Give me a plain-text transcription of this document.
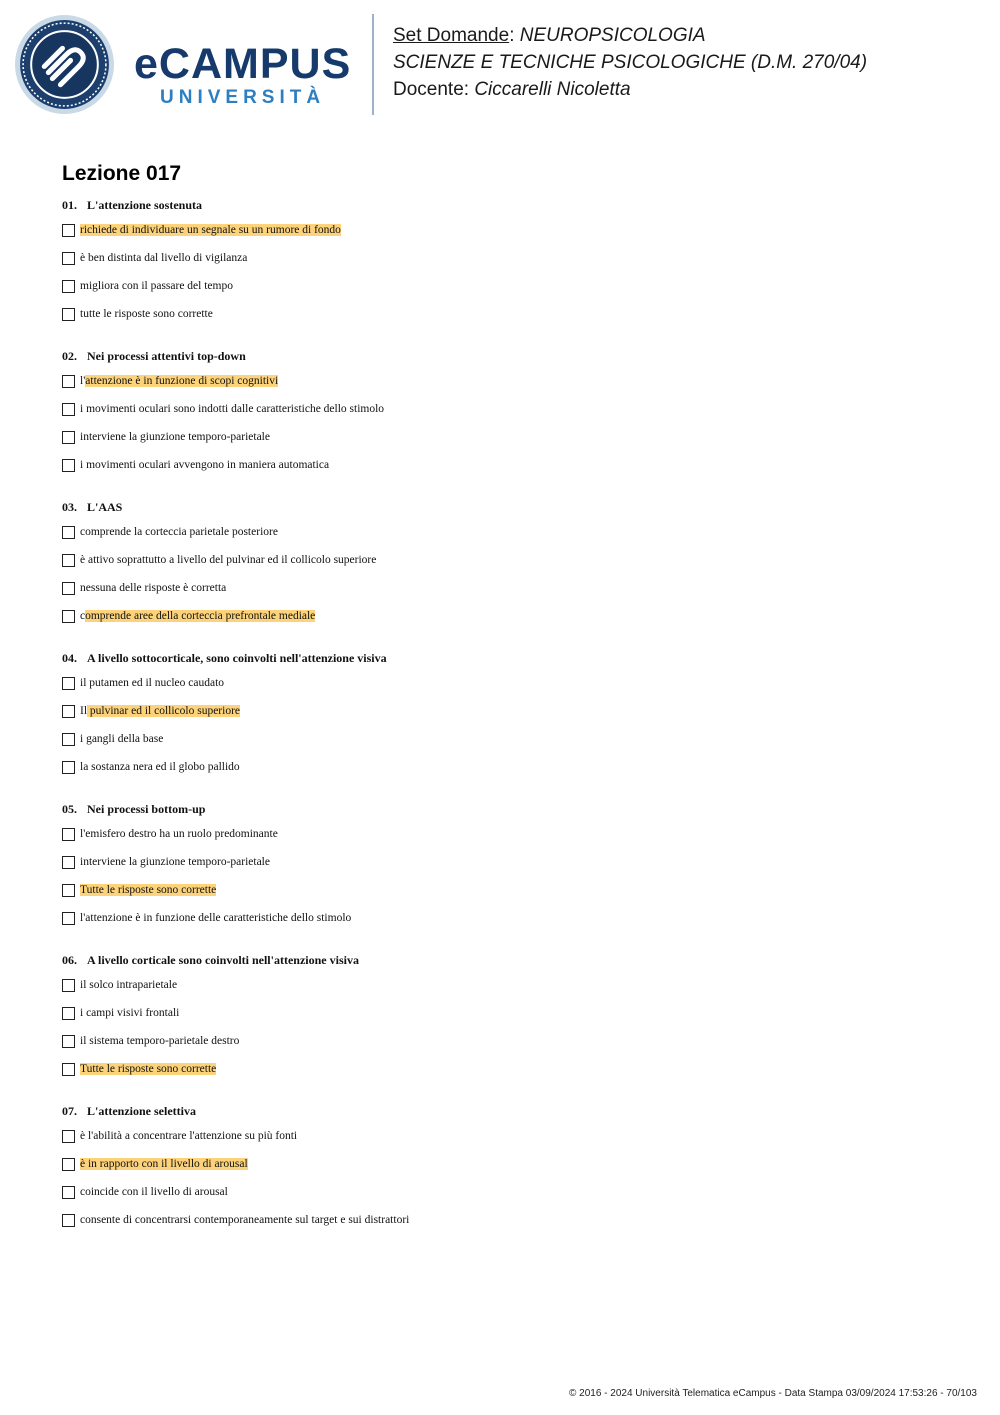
eCAMPUS
UNIVERSITÀ
Set Domande: NEUROPSICOLOGIA
SCIENZE E TECNICHE PSICOLOGICHE (D.M. 270/04)
Docente: Ciccarelli Nicoletta
Lezione 017
01. L'attenzione sostenuta
richiede di individuare un segnale su un rumore di fondo
è ben distinta dal livello di vigilanza
migliora con il passare del tempo
tutte le risposte sono corrette
02. Nei processi attentivi top-down
l'attenzione è in funzione di scopi cognitivi
i movimenti oculari sono indotti dalle caratteristiche dello stimolo
interviene la giunzione temporo-parietale
i movimenti oculari avvengono in maniera automatica
03. L'AAS
comprende la corteccia parietale posteriore
è attivo soprattutto a livello del pulvinar ed il collicolo superiore
nessuna delle risposte è corretta
comprende aree della corteccia prefrontale mediale
04. A livello sottocorticale, sono coinvolti nell'attenzione visiva
il putamen ed il nucleo caudato
Il pulvinar ed il collicolo superiore
i gangli della base
la sostanza nera ed il globo pallido
05. Nei processi bottom-up
l'emisfero destro ha un ruolo predominante
interviene la giunzione temporo-parietale
Tutte le risposte sono corrette
l'attenzione è in funzione delle caratteristiche dello stimolo
06. A livello corticale sono coinvolti nell'attenzione visiva
il solco intraparietale
i campi visivi frontali
il sistema temporo-parietale destro
Tutte le risposte sono corrette
07. L'attenzione selettiva
è l'abilità a concentrare l'attenzione su più fonti
è in rapporto con il livello di arousal
coincide con il livello di arousal
consente di concentrarsi contemporaneamente sul target e sui distrattori
© 2016 - 2024 Università Telematica eCampus - Data Stampa 03/09/2024 17:53:26 - 70/103
